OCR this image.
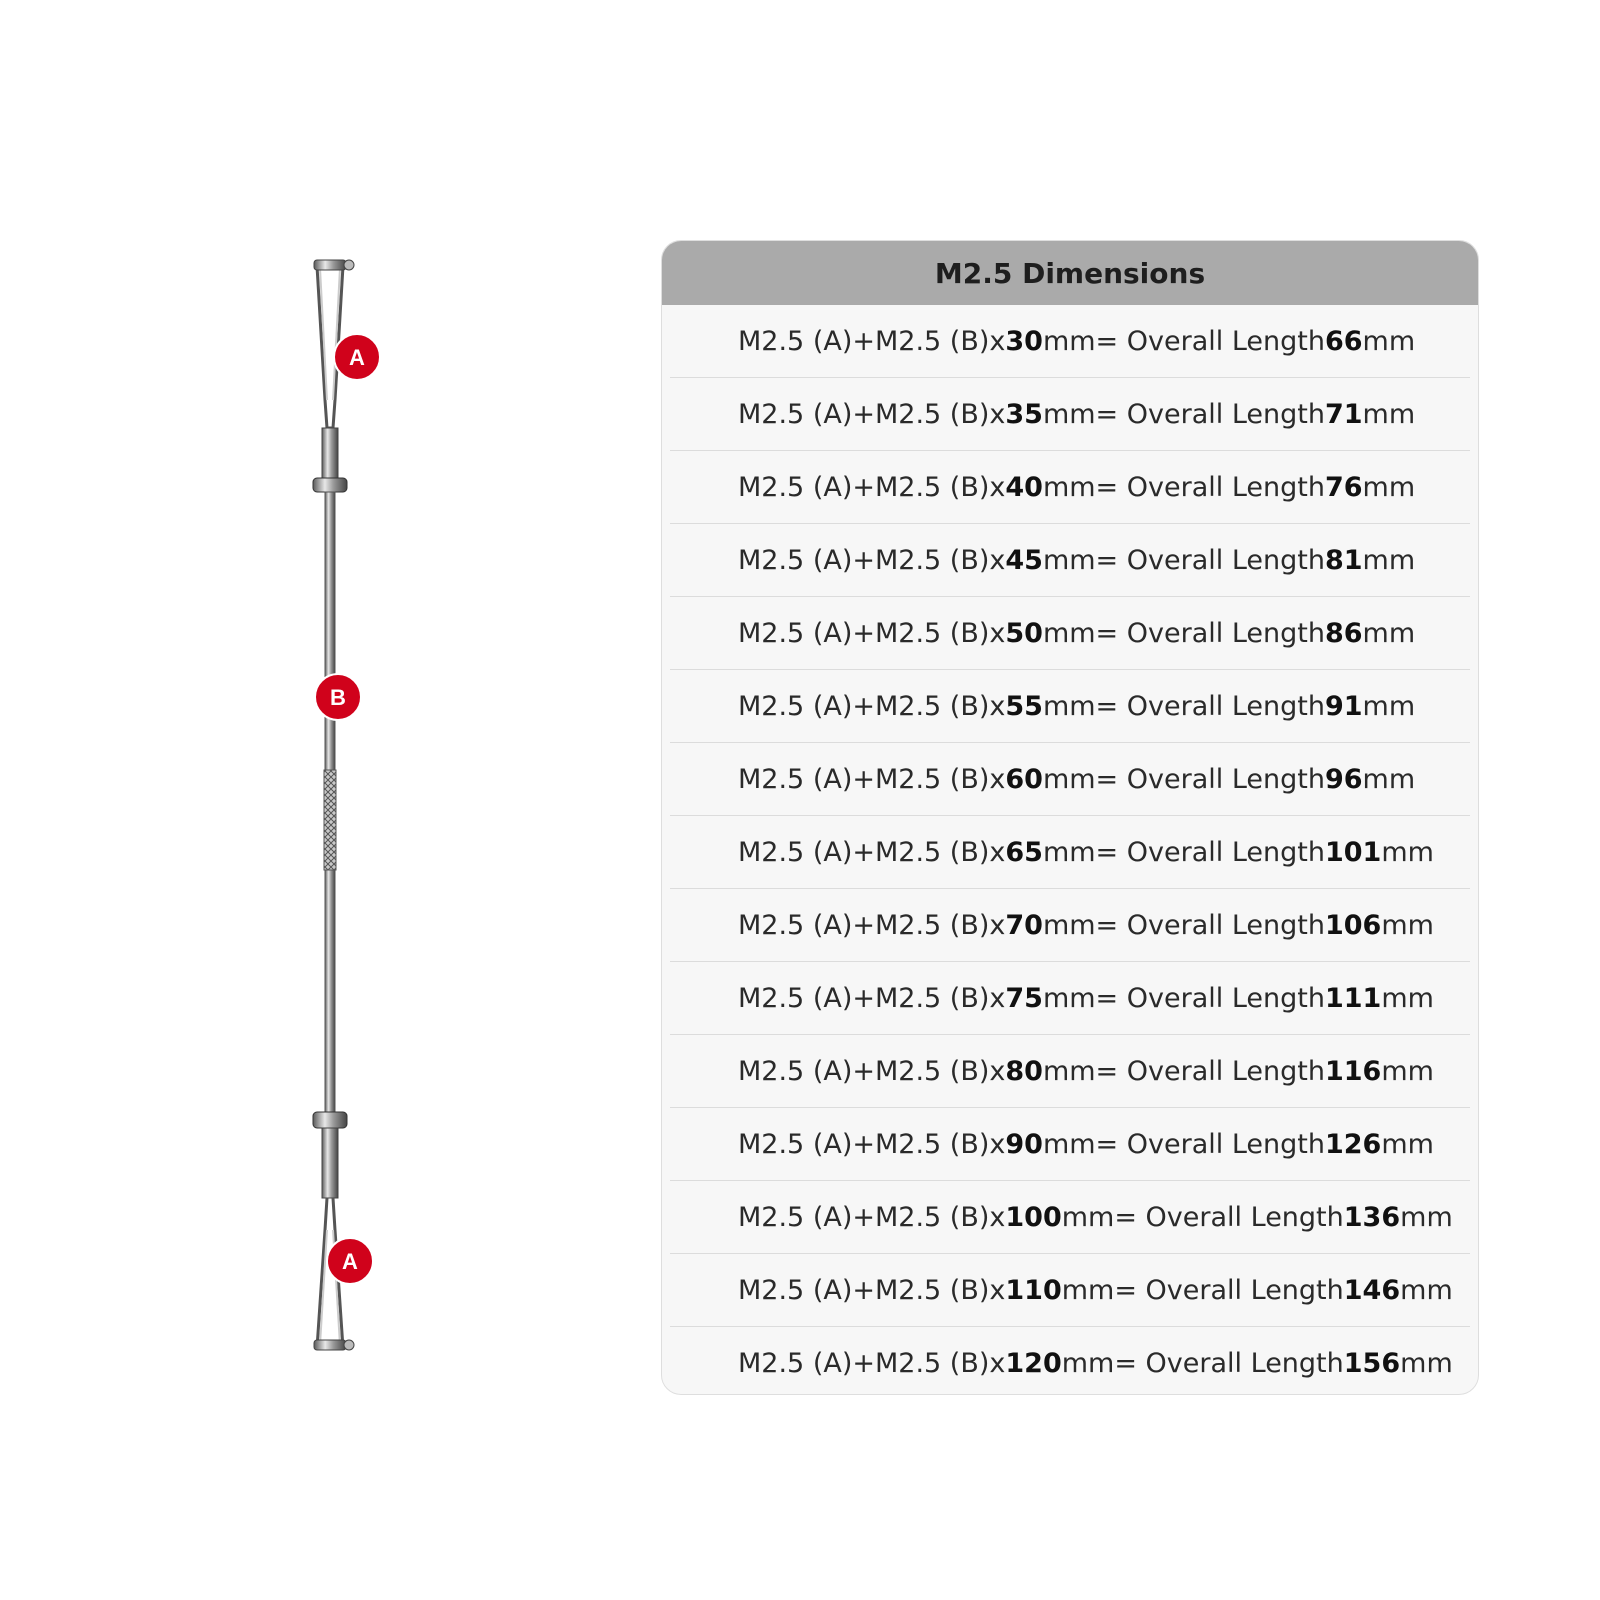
A
B
A
M2.5 Dimensions
M2.5 (A)+M2.5 (B)x 30 mm= Overall Length 66 mm
M2.5 (A)+M2.5 (B)x 35 mm= Overall Length 71 mm
M2.5 (A)+M2.5 (B)x 40 mm= Overall Length 76 mm
M2.5 (A)+M2.5 (B)x 45 mm= Overall Length 81 mm
M2.5 (A)+M2.5 (B)x 50 mm= Overall Length 86 mm
M2.5 (A)+M2.5 (B)x 55 mm= Overall Length 91 mm
M2.5 (A)+M2.5 (B)x 60 mm= Overall Length 96 mm
M2.5 (A)+M2.5 (B)x 65 mm= Overall Length 101 mm
M2.5 (A)+M2.5 (B)x 70 mm= Overall Length 106 mm
M2.5 (A)+M2.5 (B)x 75 mm= Overall Length 111 mm
M2.5 (A)+M2.5 (B)x 80 mm= Overall Length 116 mm
M2.5 (A)+M2.5 (B)x 90 mm= Overall Length 126 mm
M2.5 (A)+M2.5 (B)x 100 mm= Overall Length 136 mm
M2.5 (A)+M2.5 (B)x 110 mm= Overall Length 146 mm
M2.5 (A)+M2.5 (B)x 120 mm= Overall Length 156 mm
